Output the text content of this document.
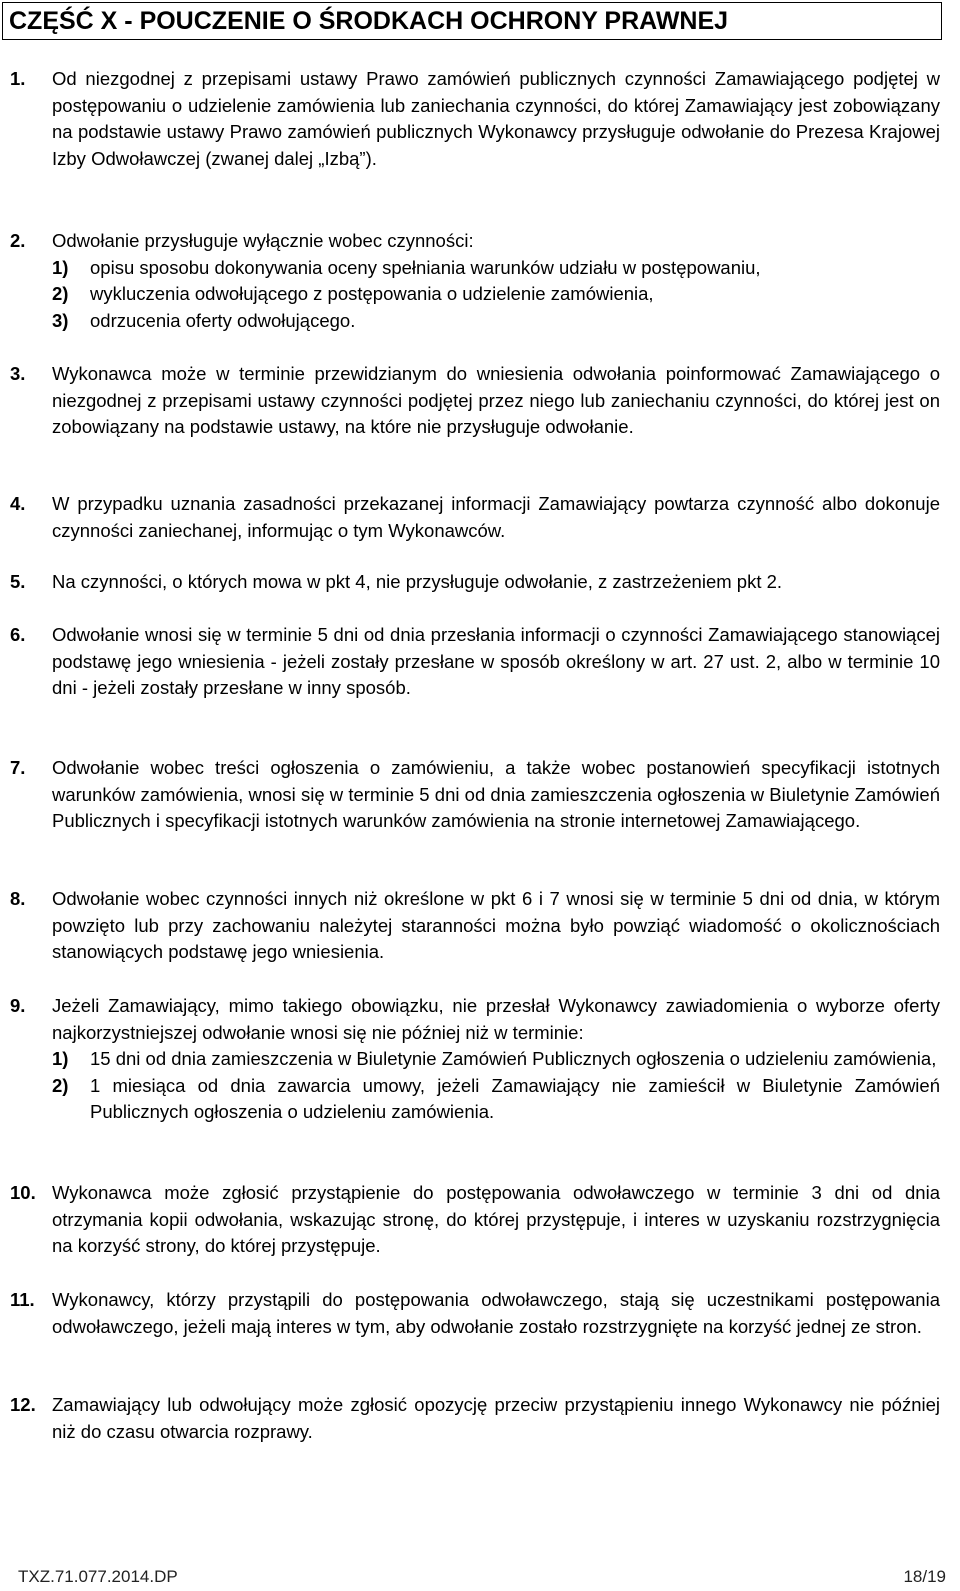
CZĘŚĆ X - POUCZENIE O ŚRODKACH OCHRONY PRAWNEJ
1. Od niezgodnej z przepisami ustawy Prawo zamówień publicznych czynności Zamawiającego podjętej w postępowaniu o udzielenie zamówienia lub zaniechania czynności, do której Zamawiający jest zobowiązany na podstawie ustawy Prawo zamówień publicznych Wykonawcy przysługuje odwołanie do Prezesa Krajowej Izby Odwoławczej (zwanej dalej „Izbą”).
2. Odwołanie przysługuje wyłącznie wobec czynności:
1) opisu sposobu dokonywania oceny spełniania warunków udziału w postępowaniu,
2) wykluczenia odwołującego z postępowania o udzielenie zamówienia,
3) odrzucenia oferty odwołującego.
3. Wykonawca może w terminie przewidzianym do wniesienia odwołania poinformować Zamawiającego o niezgodnej z przepisami ustawy czynności podjętej przez niego lub zaniechaniu czynności, do której jest on zobowiązany na podstawie ustawy, na które nie przysługuje odwołanie.
4. W przypadku uznania zasadności przekazanej informacji Zamawiający powtarza czynność albo dokonuje czynności zaniechanej, informując o tym Wykonawców.
5. Na czynności, o których mowa w pkt 4, nie przysługuje odwołanie, z zastrzeżeniem pkt 2.
6. Odwołanie wnosi się w terminie 5 dni od dnia przesłania informacji o czynności Zamawiającego stanowiącej podstawę jego wniesienia - jeżeli zostały przesłane w sposób określony w art. 27 ust. 2, albo w terminie 10 dni - jeżeli zostały przesłane w inny sposób.
7. Odwołanie wobec treści ogłoszenia o zamówieniu, a także wobec postanowień specyfikacji istotnych warunków zamówienia, wnosi się w terminie 5 dni od dnia zamieszczenia ogłoszenia w Biuletynie Zamówień Publicznych i specyfikacji istotnych warunków zamówienia na stronie internetowej Zamawiającego.
8. Odwołanie wobec czynności innych niż określone w pkt 6 i 7 wnosi się w terminie 5 dni od dnia, w którym powzięto lub przy zachowaniu należytej staranności można było powziąć wiadomość o okolicznościach stanowiących podstawę jego wniesienia.
9. Jeżeli Zamawiający, mimo takiego obowiązku, nie przesłał Wykonawcy zawiadomienia o wyborze oferty najkorzystniejszej odwołanie wnosi się nie później niż w terminie:
1) 15 dni od dnia zamieszczenia w Biuletynie Zamówień Publicznych ogłoszenia o udzieleniu zamówienia,
2) 1 miesiąca od dnia zawarcia umowy, jeżeli Zamawiający nie zamieścił w Biuletynie Zamówień Publicznych ogłoszenia o udzieleniu zamówienia.
10. Wykonawca może zgłosić przystąpienie do postępowania odwoławczego w terminie 3 dni od dnia otrzymania kopii odwołania, wskazując stronę, do której przystępuje, i interes w uzyskaniu rozstrzygnięcia na korzyść strony, do której przystępuje.
11. Wykonawcy, którzy przystąpili do postępowania odwoławczego, stają się uczestnikami postępowania odwoławczego, jeżeli mają interes w tym, aby odwołanie zostało rozstrzygnięte na korzyść jednej ze stron.
12. Zamawiający lub odwołujący może zgłosić opozycję przeciw przystąpieniu innego Wykonawcy nie później niż do czasu otwarcia rozprawy.
TXZ.71.077.2014.DP	18/19
